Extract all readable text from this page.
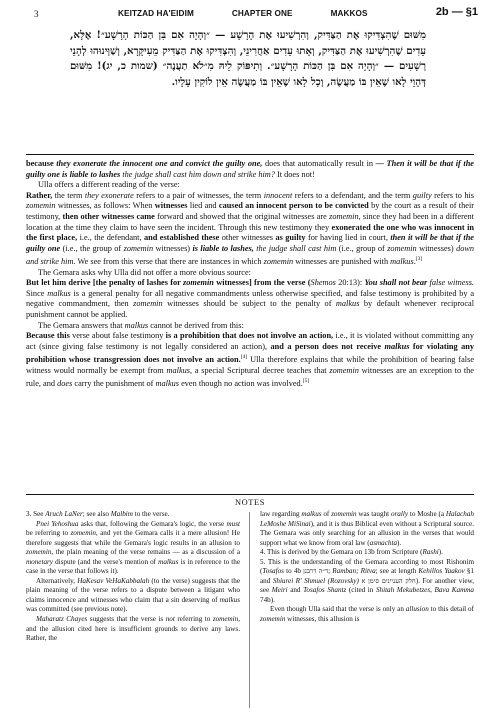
3	KEITZAD HA'EIDIM	CHAPTER ONE	MAKKOS	2b — §1
מִשּׁוּם שֶׁהִצְדִּיקוּ אֶת הַצַּדִּיק, וְהִרְשִׁיעוּ אֶת הָרָשָׁע — ״וְהָיָה אִם בִּן הַכּוֹת הָרָשָׁע״! אֶלָּא, עֵדִים שֶׁהִרְשִׁיעוּ אֶת הַצַּדִּיק, וְאָתוּ עֵדִים אַחֲרִינֵי, וְהִצְדִּיקוּ אֶת הַצַּדִּיק מֵעִיקָּרָא, וְשַׁוְּינוּהוּ לְהָנֵי רְשָׁעִים — ״וְהָיָה אִם בִּן הַכּוֹת הָרָשָׁע״. וְתִיפּוֹק לֵיהּ מִ״לֹא תַעֲנֶה״ (שמות כ, יג)! מִשּׁוּם דְּהָוֵי לָאו שֶׁאֵין בּוֹ מַעֲשֶׂה, וְכָל לָאו שֶׁאֵין בּוֹ מַעֲשֶׂה אֵין לוֹקִין עָלָיו.

because they exonerate the innocent one and convict the guilty one, does that automatically result in — Then it will be that if the guilty one is liable to lashes the judge shall cast him down and strike him? It does not!

Ulla offers a different reading of the verse:

Rather, the term they exonerate refers to a pair of witnesses, the term innocent refers to a defendant, and the term guilty refers to his zomemin witnesses, as follows: When witnesses lied and caused an innocent person to be convicted by the court as a result of their testimony, then other witnesses came forward and showed that the original witnesses are zomemin, since they had been in a different location at the time they claim to have seen the incident. Through this new testimony they exonerated the one who was innocent in the first place, i.e., the defendant, and established these other witnesses as guilty for having lied in court, then it will be that if the guilty one (i.e., the group of zomemin witnesses) is liable to lashes, the judge shall cast him (i.e., group of zomemin witnesses) down and strike him. We see from this verse that there are instances in which zomemin witnesses are punished with malkus.[3]

The Gemara asks why Ulla did not offer a more obvious source:

But let him derive [the penalty of lashes for zomemin witnesses] from the verse (Shemos 20:13): You shall not bear false witness. Since malkus is a general penalty for all negative commandments unless otherwise specified, and false testimony is prohibited by a negative commandment, then zomemin witnesses should be subject to the penalty of malkus by default whenever reciprocal punishment cannot be applied.

The Gemara answers that malkus cannot be derived from this:

Because this verse about false testimony is a prohibition that does not involve an action, i.e., it is violated without committing any act (since giving false testimony is not legally considered an action), and a person does not receive malkus for violating any prohibition whose transgression does not involve an action.[4] Ulla therefore explains that while the prohibition of bearing false witness would normally be exempt from malkus, a special Scriptural decree teaches that zomemin witnesses are an exception to the rule, and does carry the punishment of malkus even though no action was involved.[5]

NOTES

3. See Aruch LaNer; see also Malbim to the verse.

Pnei Yehoshua asks that, following the Gemara's logic, the verse must be referring to zomemin, and yet the Gemara calls it a mere allusion! He therefore suggests that while the Gemara's logic results in an allusion to zomemin, the plain meaning of the verse remains — as a discussion of a monetary dispute (and the verse's mention of malkus is in reference to the case in the verse that follows it).

Alternatively, HaKesav VeHaKabbalah (to the verse) suggests that the plain meaning of the verse refers to a dispute between a litigant who claims innocence and witnesses who claim that a sin deserving of malkus was committed (see previous note).

Maharatz Chayes suggests that the verse is not referring to zomemin, and the allusion cited here is insufficient grounds to derive any laws. Rather, the

law regarding malkus of zomemin was taught orally to Moshe (a Halachah LeMoshe MiSinai), and it is thus Biblical even without a Scriptural source. The Gemara was only searching for an allusion in the verses that would support what we know from oral law (asmachta).

4. This is derived by the Gemara on 13b from Scripture (Rashi).

5. This is the understanding of the Gemara according to most Rishonim (Tosafos to 4b ד״ה דרבנן; Ramban; Ritva; see at length Kehillos Yaakov §1 and Shiurei R' Shmuel (Rozovsky) חלק העניינים סימן א). For another view, see Meiri and Tosafos Shantz (cited in Shitah Mekubetzes, Bava Kamma 74b).

Even though Ulla said that the verse is only an allusion to this detail of zomemin witnesses, this allusion is
